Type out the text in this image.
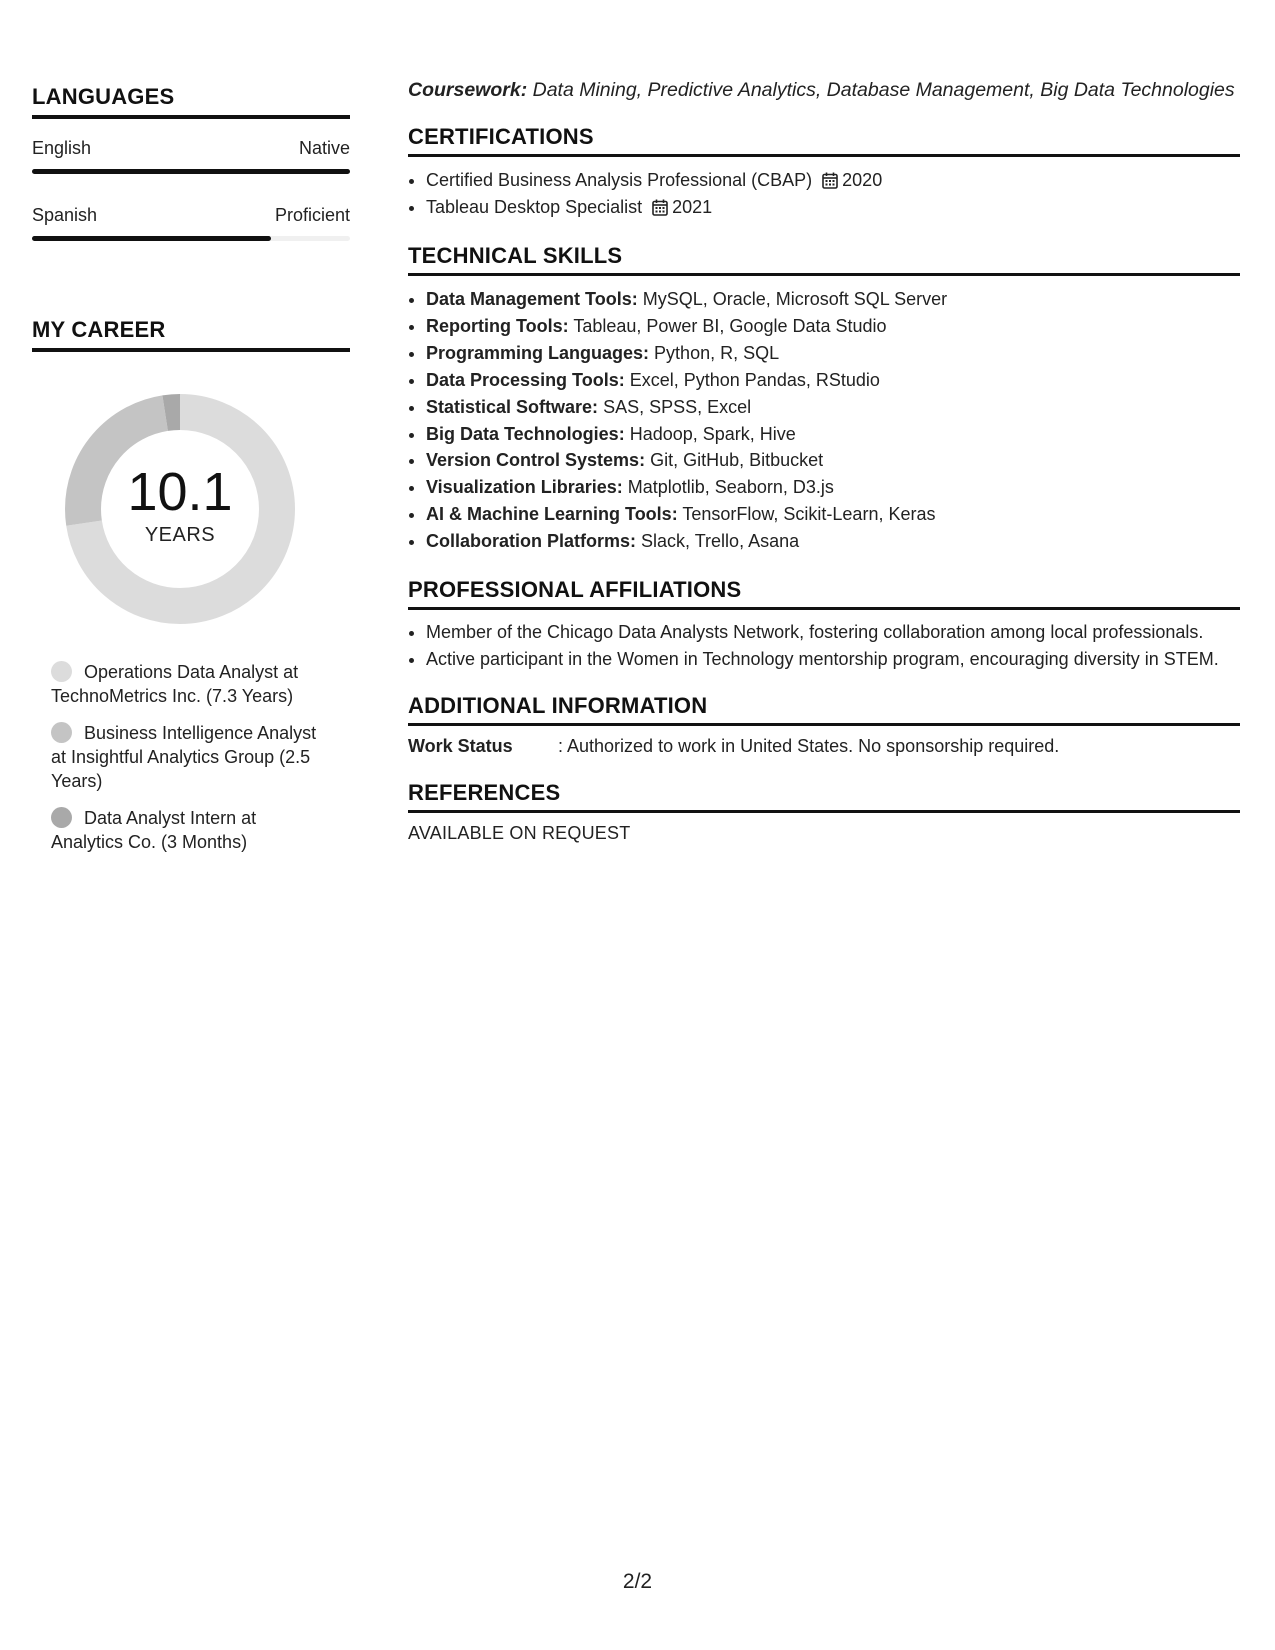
LANGUAGES
English	Native
Spanish	Proficient
MY CAREER
10.1
YEARS
Operations Data Analyst at TechnoMetrics Inc. (7.3 Years)
Business Intelligence Analyst at Insightful Analytics Group (2.5 Years)
Data Analyst Intern at Analytics Co. (3 Months)
Coursework: Data Mining, Predictive Analytics, Database Management, Big Data Technologies
CERTIFICATIONS
• Certified Business Analysis Professional (CBAP) 2020
• Tableau Desktop Specialist 2021
TECHNICAL SKILLS
• Data Management Tools: MySQL, Oracle, Microsoft SQL Server
• Reporting Tools: Tableau, Power BI, Google Data Studio
• Programming Languages: Python, R, SQL
• Data Processing Tools: Excel, Python Pandas, RStudio
• Statistical Software: SAS, SPSS, Excel
• Big Data Technologies: Hadoop, Spark, Hive
• Version Control Systems: Git, GitHub, Bitbucket
• Visualization Libraries: Matplotlib, Seaborn, D3.js
• AI & Machine Learning Tools: TensorFlow, Scikit-Learn, Keras
• Collaboration Platforms: Slack, Trello, Asana
PROFESSIONAL AFFILIATIONS
• Member of the Chicago Data Analysts Network, fostering collaboration among local professionals.
• Active participant in the Women in Technology mentorship program, encouraging diversity in STEM.
ADDITIONAL INFORMATION
Work Status	: Authorized to work in United States. No sponsorship required.
REFERENCES
AVAILABLE ON REQUEST
2/2
